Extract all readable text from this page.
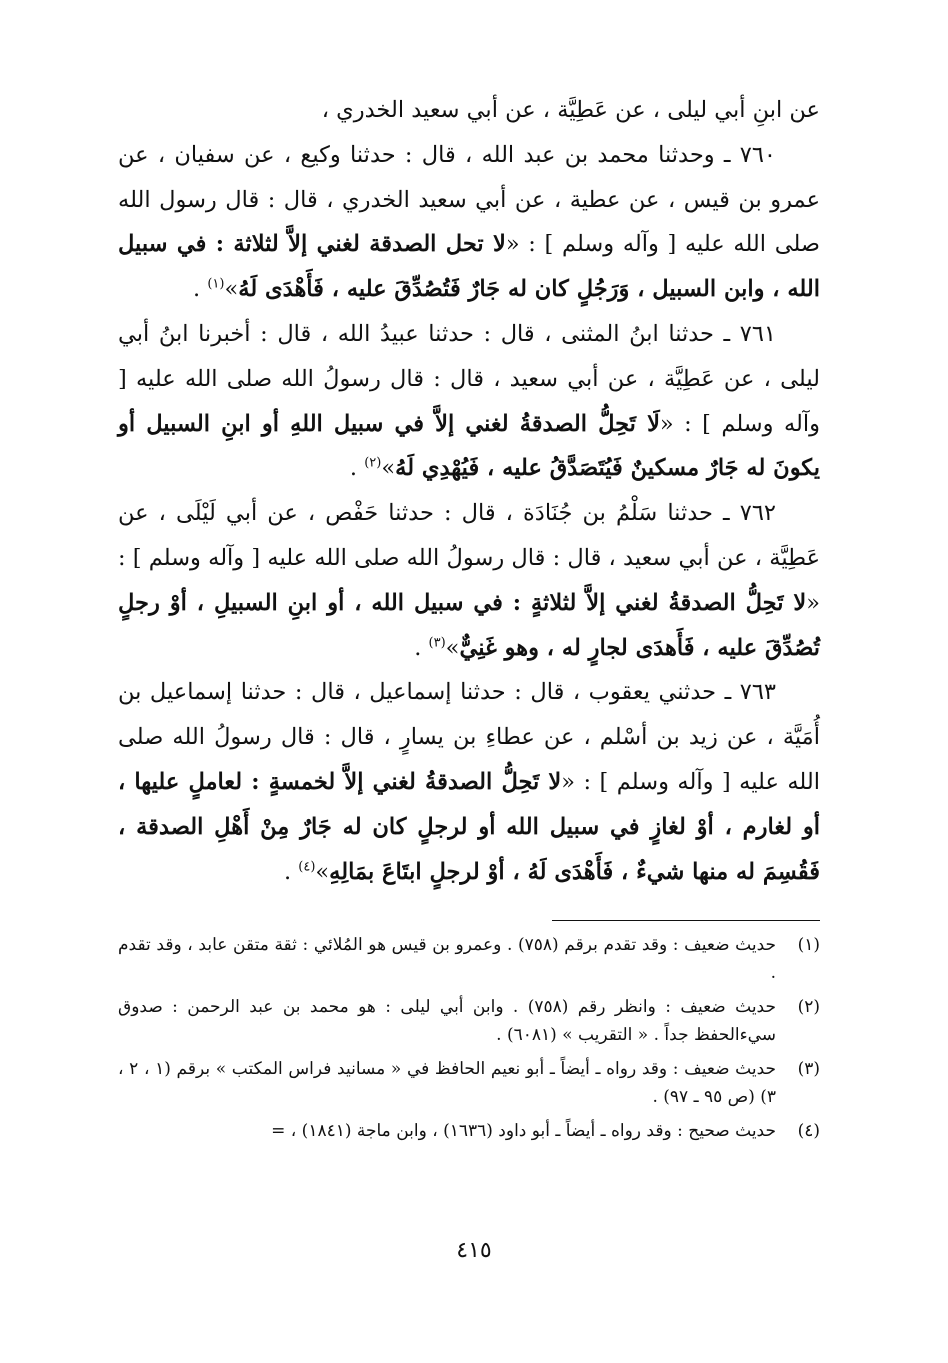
عن ابنِ أبي ليلى ، عن عَطِيَّة ، عن أبي سعيد الخدري ،

٧٦٠ ـ وحدثنا محمد بن عبد الله ، قال : حدثنا وكيع ، عن سفيان ، عن عمرو بن قيس ، عن عطية ، عن أبي سعيد الخدري ، قال : قال رسول الله صلى الله عليه [ وآله وسلم ] : «لا تحل الصدقة لغني إلاَّ لثلاثة : في سبيل الله ، وابن السبيل ، وَرَجُلٍ كان له جَارٌ فَتُصُدِّقَ عليه ، فَأَهْدَى لَهُ»$^{(١)}$ .

٧٦١ ـ حدثنا ابنُ المثنى ، قال : حدثنا عبيدُ الله ، قال : أخبرنا ابنُ أبي ليلى ، عن عَطِيَّة ، عن أبي سعيد ، قال : قال رسولُ الله صلى الله عليه [ وآله وسلم ] : «لَا تَحِلُّ الصدقةُ لغني إلاَّ في سبيل اللهِ أو ابنِ السبيل أو يكونَ له جَارٌ مسكينٌ فَيُتَصَدَّقُ عليه ، فَيُهْدِي لَهُ»$^{(٢)}$ .

٧٦٢ ـ حدثنا سَلْمُ بن جُنَادَة ، قال : حدثنا حَفْص ، عن أبي لَيْلَى ، عن عَطِيَّة ، عن أبي سعيد ، قال : قال رسولُ الله صلى الله عليه [ وآله وسلم ] : «لا تَحِلُّ الصدقةُ لغني إلاَّ لثلاثةٍ : في سبيل الله ، أو ابنِ السبيلِ ، أوْ رجلٍ تُصُدِّقَ عليه ، فَأَهدَى لجارٍ له ، وهو غَنِيٌّ»$^{(٣)}$ .

٧٦٣ ـ حدثني يعقوب ، قال : حدثنا إسماعيل ، قال : حدثنا إسماعيل بن أُمَيَّة ، عن زيد بن أسْلم ، عن عطاءِ بن يسارٍ ، قال : قال رسولُ الله صلى الله عليه [ وآله وسلم ] : «لا تَحِلُّ الصدقةُ لغني إلاَّ لخمسةٍ : لعاملٍ عليها ، أو لغارم ، أوْ لغازٍ في سبيل الله أو لرجلٍ كان له جَارٌ مِنْ أَهْلِ الصدقة ، فَقُسِمَ له منها شيءٌ ، فَأَهْدَى لَهُ ، أوْ لرجلٍ ابتَاعَ بمَالِهِ»$^{(٤)}$ .

(١)
حديث ضعيف : وقد تقدم برقم (٧٥٨) . وعمرو بن قيس هو المُلائي : ثقة متقن عابد ، وقد تقدم .
(٢)
حديث ضعيف : وانظر رقم (٧٥٨) . وابن أبي ليلى : هو محمد بن عبد الرحمن : صدوق سيءالحفظ جداً . « التقريب » (٦٠٨١) .
(٣)
حديث ضعيف : وقد رواه ـ أيضاً ـ أبو نعيم الحافظ في « مسانيد فراس المكتب » برقم (١ ، ٢ ، ٣) (ص ٩٥ ـ ٩٧) .
(٤)
حديث صحيح : وقد رواه ـ أيضاً ـ أبو داود (١٦٣٦) ، وابن ماجة (١٨٤١) ، =
٤١٥
